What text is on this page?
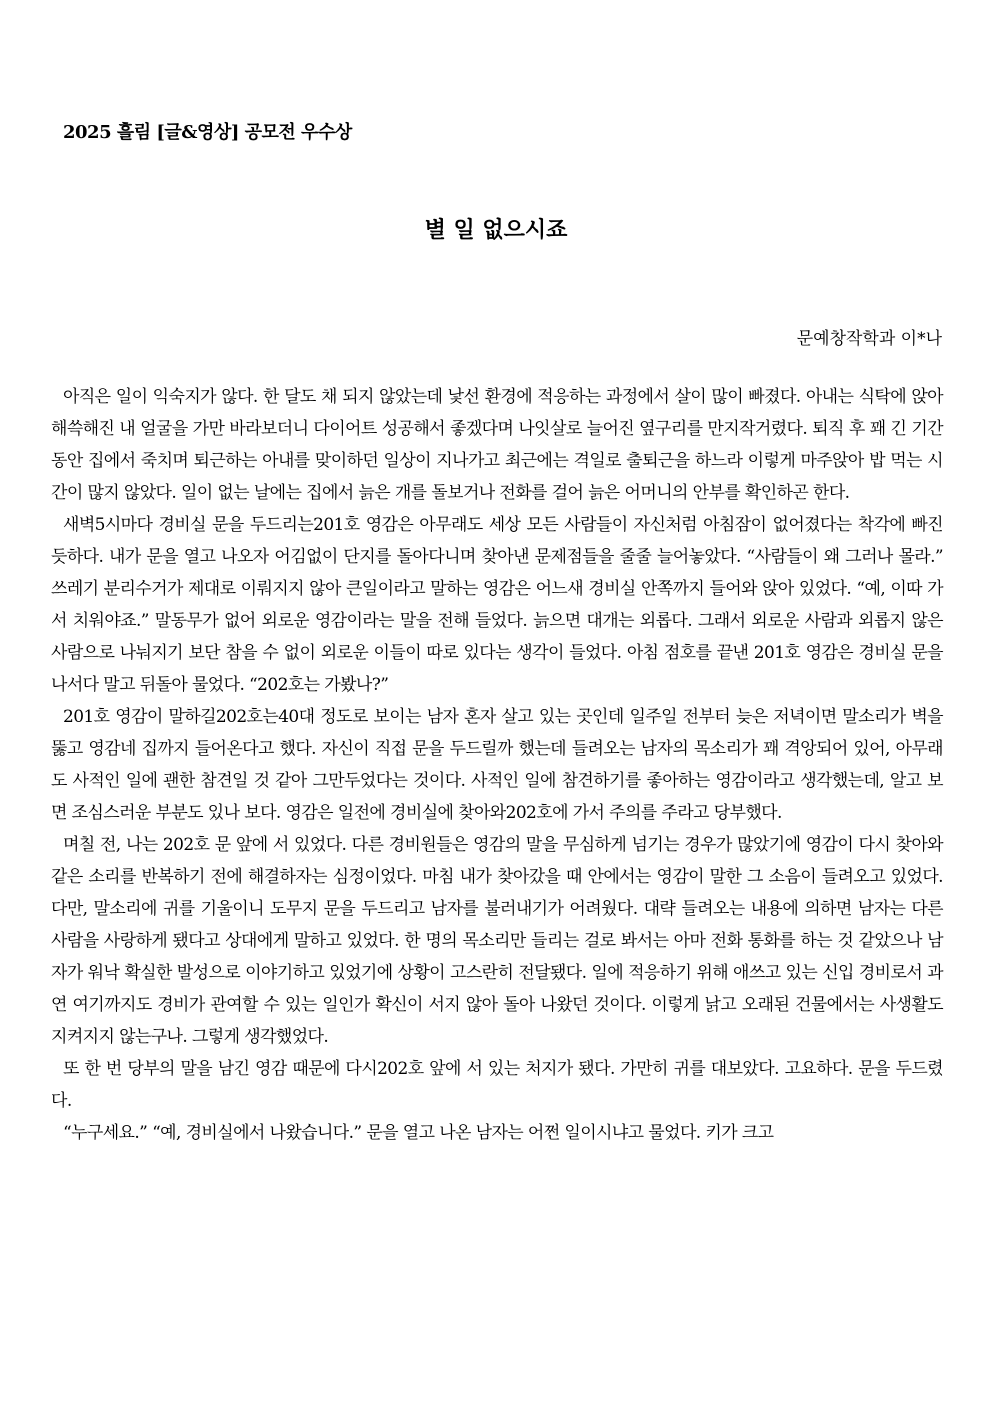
2025 흘림 [글&영상] 공모전 우수상
별 일 없으시죠
문예창작학과 이*나

아직은 일이 익숙지가 않다. 한 달도 채 되지 않았는데 낯선 환경에 적응하는 과정에서 살이 많이 빠졌다. 아내는 식탁에 앉아 해쓱해진 내 얼굴을 가만 바라보더니 다이어트 성공해서 좋겠다며 나잇살로 늘어진 옆구리를 만지작거렸다. 퇴직 후 꽤 긴 기간동안 집에서 죽치며 퇴근하는 아내를 맞이하던 일상이 지나가고 최근에는 격일로 출퇴근을 하느라 이렇게 마주앉아 밥 먹는 시간이 많지 않았다. 일이 없는 날에는 집에서 늙은 개를 돌보거나 전화를 걸어 늙은 어머니의 안부를 확인하곤 한다.

새벽5시마다 경비실 문을 두드리는201호 영감은 아무래도 세상 모든 사람들이 자신처럼 아침잠이 없어졌다는 착각에 빠진 듯하다. 내가 문을 열고 나오자 어김없이 단지를 돌아다니며 찾아낸 문제점들을 줄줄 늘어놓았다. “사람들이 왜 그러나 몰라.” 쓰레기 분리수거가 제대로 이뤄지지 않아 큰일이라고 말하는 영감은 어느새 경비실 안쪽까지 들어와 앉아 있었다. “예, 이따 가서 치워야죠.” 말동무가 없어 외로운 영감이라는 말을 전해 들었다. 늙으면 대개는 외롭다. 그래서 외로운 사람과 외롭지 않은 사람으로 나눠지기 보단 참을 수 없이 외로운 이들이 따로 있다는 생각이 들었다. 아침 점호를 끝낸 201호 영감은 경비실 문을 나서다 말고 뒤돌아 물었다. “202호는 가봤나?”

201호 영감이 말하길202호는40대 정도로 보이는 남자 혼자 살고 있는 곳인데 일주일 전부터 늦은 저녁이면 말소리가 벽을 뚫고 영감네 집까지 들어온다고 했다. 자신이 직접 문을 두드릴까 했는데 들려오는 남자의 목소리가 꽤 격앙되어 있어, 아무래도 사적인 일에 괜한 참견일 것 같아 그만두었다는 것이다. 사적인 일에 참견하기를 좋아하는 영감이라고 생각했는데, 알고 보면 조심스러운 부분도 있나 보다. 영감은 일전에 경비실에 찾아와202호에 가서 주의를 주라고 당부했다.

며칠 전, 나는 202호 문 앞에 서 있었다. 다른 경비원들은 영감의 말을 무심하게 넘기는 경우가 많았기에 영감이 다시 찾아와 같은 소리를 반복하기 전에 해결하자는 심정이었다. 마침 내가 찾아갔을 때 안에서는 영감이 말한 그 소음이 들려오고 있었다. 다만, 말소리에 귀를 기울이니 도무지 문을 두드리고 남자를 불러내기가 어려웠다. 대략 들려오는 내용에 의하면 남자는 다른 사람을 사랑하게 됐다고 상대에게 말하고 있었다. 한 명의 목소리만 들리는 걸로 봐서는 아마 전화 통화를 하는 것 같았으나 남자가 워낙 확실한 발성으로 이야기하고 있었기에 상황이 고스란히 전달됐다. 일에 적응하기 위해 애쓰고 있는 신입 경비로서 과연 여기까지도 경비가 관여할 수 있는 일인가 확신이 서지 않아 돌아 나왔던 것이다. 이렇게 낡고 오래된 건물에서는 사생활도 지켜지지 않는구나. 그렇게 생각했었다.

또 한 번 당부의 말을 남긴 영감 때문에 다시202호 앞에 서 있는 처지가 됐다. 가만히 귀를 대보았다. 고요하다. 문을 두드렸다.

“누구세요.” “예, 경비실에서 나왔습니다.” 문을 열고 나온 남자는 어쩐 일이시냐고 물었다. 키가 크고
